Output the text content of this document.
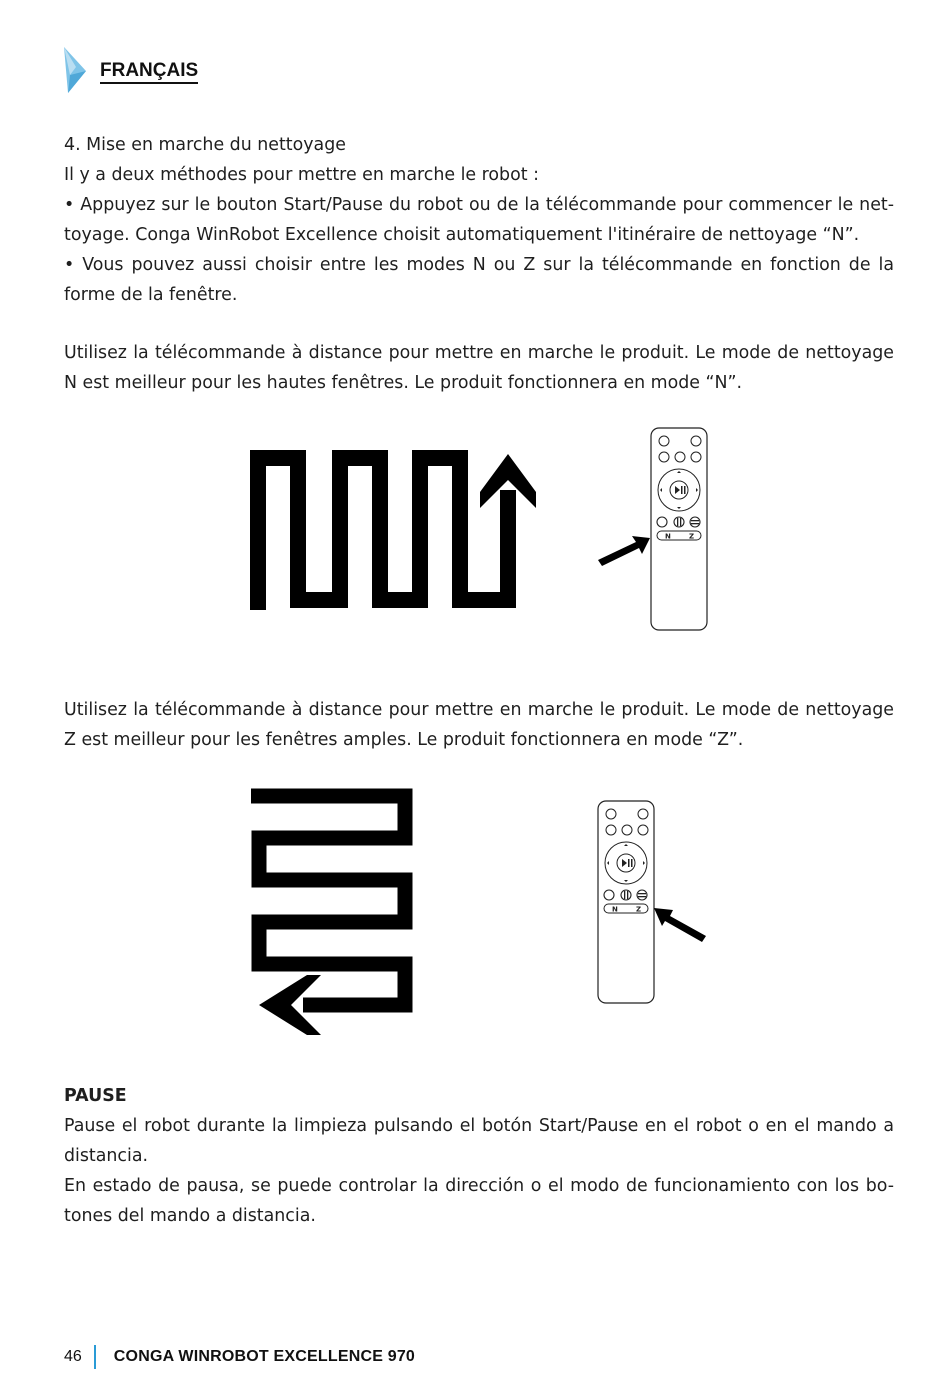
FRANÇAIS

4. Mise en marche du nettoyage

Il y a deux méthodes pour mettre en marche le robot :

• Appuyez sur le bouton Start/Pause du robot ou de la télécommande pour commencer le net-toyage. Conga WinRobot Excellence choisit automatiquement l'itinéraire de nettoyage “N”.

• Vous pouvez aussi choisir entre les modes N ou Z sur la télécommande en fonction de la forme de la fenêtre.

Utilisez la télécommande à distance pour mettre en marche le produit. Le mode de nettoyage N est meilleur pour les hautes fenêtres. Le produit fonctionnera en mode “N”.

N	Z

Utilisez la télécommande à distance pour mettre en marche le produit. Le mode de nettoyage Z est meilleur pour les fenêtres amples. Le produit fonctionnera en mode “Z”.

N	Z

PAUSE

Pause el robot durante la limpieza pulsando el botón Start/Pause en el robot o en el mando a distancia.

En estado de pausa, se puede controlar la dirección o el modo de funcionamiento con los bo-tones del mando a distancia.

46 CONGA WINROBOT EXCELLENCE 970
